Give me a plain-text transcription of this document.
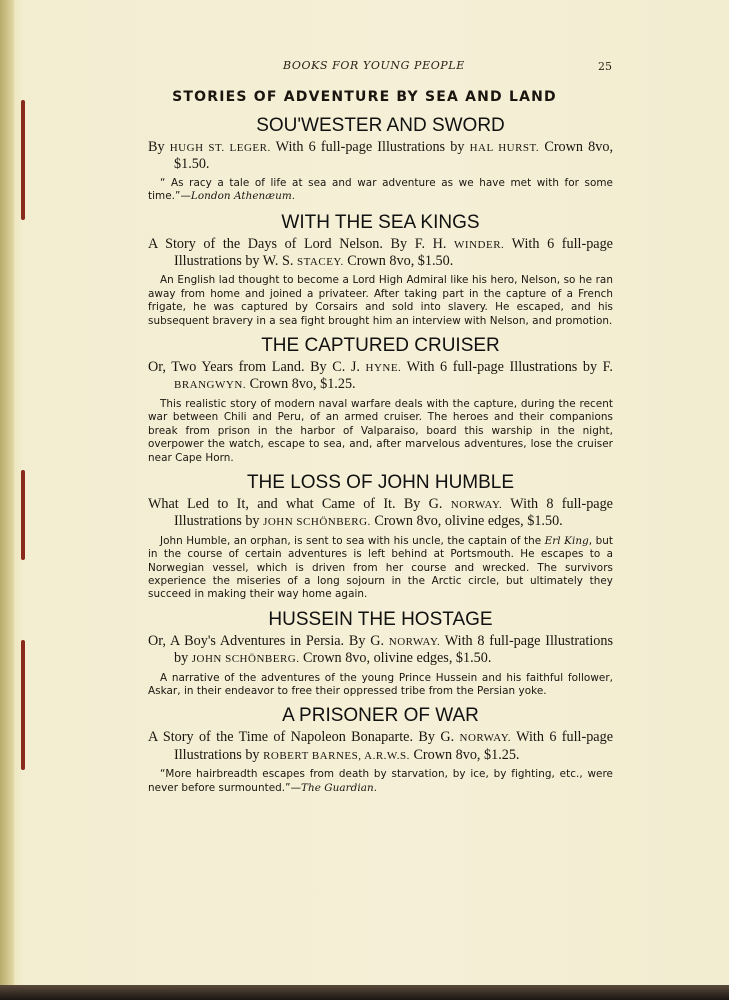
BOOKS FOR YOUNG PEOPLE	25
STORIES OF ADVENTURE BY SEA AND LAND
SOU'WESTER AND SWORD

By HUGH ST. LEGER. With 6 full-page Illustrations by HAL HURST. Crown 8vo, $1.50.

“ As racy a tale of life at sea and war adventure as we have met with for some time.”—London Athenæum.

WITH THE SEA KINGS

A Story of the Days of Lord Nelson. By F. H. WINDER. With 6 full-page Illustrations by W. S. STACEY. Crown 8vo, $1.50.

An English lad thought to become a Lord High Admiral like his hero, Nelson, so he ran away from home and joined a privateer. After taking part in the capture of a French frigate, he was captured by Corsairs and sold into slavery. He escaped, and his subsequent bravery in a sea fight brought him an interview with Nelson, and promotion.

THE CAPTURED CRUISER

Or, Two Years from Land. By C. J. HYNE. With 6 full-page Illustrations by F. BRANGWYN. Crown 8vo, $1.25.

This realistic story of modern naval warfare deals with the capture, during the recent war between Chili and Peru, of an armed cruiser. The heroes and their companions break from prison in the harbor of Valparaiso, board this warship in the night, overpower the watch, escape to sea, and, after marvelous adventures, lose the cruiser near Cape Horn.

THE LOSS OF JOHN HUMBLE

What Led to It, and what Came of It. By G. NORWAY. With 8 full-page Illustrations by JOHN SCHÖNBERG. Crown 8vo, olivine edges, $1.50.

John Humble, an orphan, is sent to sea with his uncle, the captain of the Erl King, but in the course of certain adventures is left behind at Portsmouth. He escapes to a Norwegian vessel, which is driven from her course and wrecked. The survivors experience the miseries of a long sojourn in the Arctic circle, but ultimately they succeed in making their way home again.

HUSSEIN THE HOSTAGE

Or, A Boy's Adventures in Persia. By G. NORWAY. With 8 full-page Illustrations by JOHN SCHÖNBERG. Crown 8vo, olivine edges, $1.50.

A narrative of the adventures of the young Prince Hussein and his faithful follower, Askar, in their endeavor to free their oppressed tribe from the Persian yoke.

A PRISONER OF WAR

A Story of the Time of Napoleon Bonaparte. By G. NORWAY. With 6 full-page Illustrations by ROBERT BARNES, A.R.W.S. Crown 8vo, $1.25.

“More hairbreadth escapes from death by starvation, by ice, by fighting, etc., were never before surmounted.”—The Guardian.
